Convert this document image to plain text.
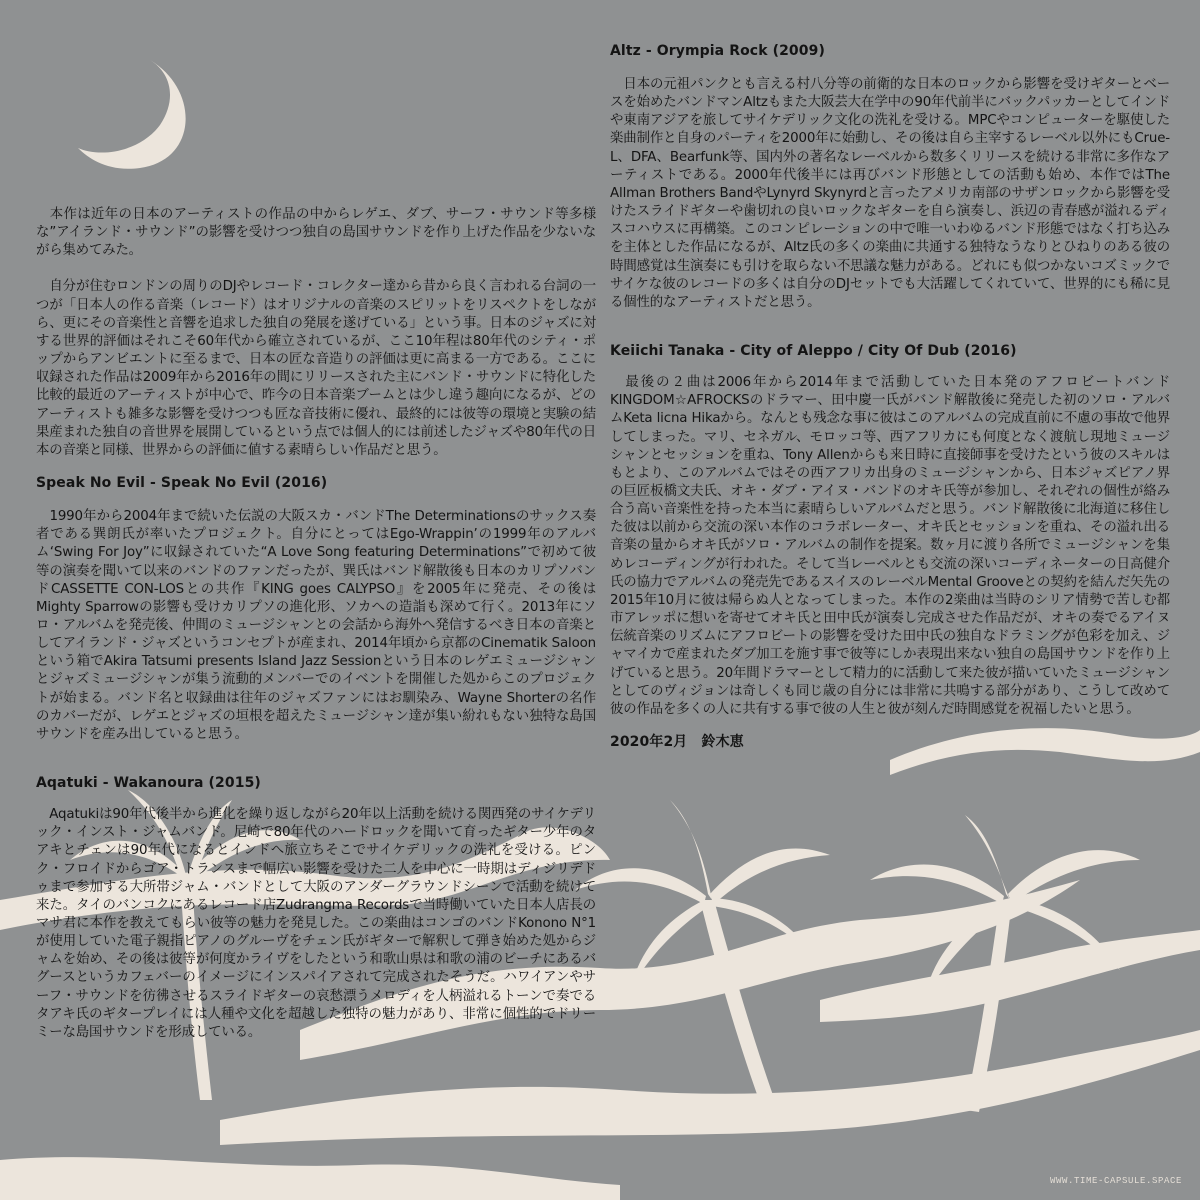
　本作は近年の日本のアーティストの作品の中からレゲエ、ダブ、サーフ・サウンド等多様な”アイランド・サウンド”の影響を受けつつ独自の島国サウンドを作り上げた作品を少ないながら集めてみた。

　自分が住むロンドンの周りのDJやレコード・コレクター達から昔から良く言われる台詞の一つが「日本人の作る音楽（レコード）はオリジナルの音楽のスピリットをリスペクトをしながら、更にその音楽性と音響を追求した独自の発展を遂げている」という事。日本のジャズに対する世界的評価はそれこそ60年代から確立されているが、ここ10年程は80年代のシティ・ポップからアンビエントに至るまで、日本の匠な音造りの評価は更に高まる一方である。ここに収録された作品は2009年から2016年の間にリリースされた主にバンド・サウンドに特化した比較的最近のアーティストが中心で、昨今の日本音楽ブームとは少し違う趣向になるが、どのアーティストも雑多な影響を受けつつも匠な音技術に優れ、最終的には彼等の環境と実験の結果産まれた独自の音世界を展開しているという点では個人的には前述したジャズや80年代の日本の音楽と同様、世界からの評価に値する素晴らしい作品だと思う。

Speak No Evil - Speak No Evil (2016)

　1990年から2004年まで続いた伝説の大阪スカ・バンドThe Determinationsのサックス奏者である巽朗氏が率いたプロジェクト。自分にとってはEgo-Wrappin’の1999年のアルバム‘Swing For Joy”に収録されていた“A Love Song featuring Determinations”で初めて彼等の演奏を聞いて以来のバンドのファンだったが、巽氏はバンド解散後も日本のカリプソバンドCASSETTE CON-LOSとの共作『KING goes CALYPSO』を2005年に発売、その後はMighty Sparrowの影響も受けカリプソの進化形、ソカへの造詣も深めて行く。2013年にソロ・アルバムを発売後、仲間のミュージシャンとの会話から海外へ発信するべき日本の音楽としてアイランド・ジャズというコンセプトが産まれ、2014年頃から京都のCinematik Saloonという箱でAkira Tatsumi presents Island Jazz Sessionという日本のレゲエミュージシャンとジャズミュージシャンが集う流動的メンバーでのイベントを開催した処からこのプロジェクトが始まる。バンド名と収録曲は往年のジャズファンにはお馴染み、Wayne Shorterの名作のカバーだが、レゲエとジャズの垣根を超えたミュージシャン達が集い紛れもない独特な島国サウンドを産み出していると思う。

Aqatuki - Wakanoura (2015)

　Aqatukiは90年代後半から進化を繰り返しながら20年以上活動を続ける関西発のサイケデリック・インスト・ジャムバンド。尼崎で80年代のハードロックを聞いて育ったギター少年のタアキとチェンは90年代になるとインドへ旅立ちそこでサイケデリックの洗礼を受ける。ピンク・フロイドからゴア・トランスまで幅広い影響を受けた二人を中心に一時期はディジリデドゥまで参加する大所帯ジャム・バンドとして大阪のアンダーグラウンドシーンで活動を続けて来た。タイのバンコクにあるレコード店Zudrangma Recordsで当時働いていた日本人店長のマサ君に本作を教えてもらい彼等の魅力を発見した。この楽曲はコンゴのバンドKonono N°1が使用していた電子親指ピアノのグルーヴをチェン氏がギターで解釈して弾き始めた処からジャムを始め、その後は彼等が何度かライヴをしたという和歌山県は和歌の浦のビーチにあるバグースというカフェバーのイメージにインスパイアされて完成されたそうだ。ハワイアンやサーフ・サウンドを彷彿させるスライドギターの哀愁漂うメロディを人柄溢れるトーンで奏でるタアキ氏のギタープレイには人種や文化を超越した独特の魅力があり、非常に個性的でドリーミーな島国サウンドを形成している。

Altz - Orympia Rock (2009)

　日本の元祖パンクとも言える村八分等の前衛的な日本のロックから影響を受けギターとベースを始めたバンドマンAltzもまた大阪芸大在学中の90年代前半にバックパッカーとしてインドや東南アジアを旅してサイケデリック文化の洗礼を受ける。MPCやコンピューターを駆使した楽曲制作と自身のパーティを2000年に始動し、その後は自ら主宰するレーベル以外にもCrue-L、DFA、Bearfunk等、国内外の著名なレーベルから数多くリリースを続ける非常に多作なアーティストである。2000年代後半には再びバンド形態としての活動も始め、本作ではThe Allman Brothers BandやLynyrd Skynyrdと言ったアメリカ南部のサザンロックから影響を受けたスライドギターや歯切れの良いロックなギターを自ら演奏し、浜辺の青春感が溢れるディスコハウスに再構築。このコンピレーションの中で唯一いわゆるバンド形態ではなく打ち込みを主体とした作品になるが、Altz氏の多くの楽曲に共通する独特なうなりとひねりのある彼の時間感覚は生演奏にも引けを取らない不思議な魅力がある。どれにも似つかないコズミックでサイケな彼のレコードの多くは自分のDJセットでも大活躍してくれていて、世界的にも稀に見る個性的なアーティストだと思う。

Keiichi Tanaka - City of Aleppo / City Of Dub (2016)

　最後の２曲は2006年から2014年まで活動していた日本発のアフロビートバンドKINGDOM☆AFROCKSのドラマー、田中慶一氏がバンド解散後に発売した初のソロ・アルバムKeta licna Hikaから。なんとも残念な事に彼はこのアルバムの完成直前に不慮の事故で他界してしまった。マリ、セネガル、モロッコ等、西アフリカにも何度となく渡航し現地ミュージシャンとセッションを重ね、Tony Allenからも来日時に直接師事を受けたという彼のスキルはもとより、このアルバムではその西アフリカ出身のミュージシャンから、日本ジャズピアノ界の巨匠板橋文夫氏、オキ・ダブ・アイヌ・バンドのオキ氏等が参加し、それぞれの個性が絡み合う高い音楽性を持った本当に素晴らしいアルバムだと思う。バンド解散後に北海道に移住した彼は以前から交流の深い本作のコラボレーター、オキ氏とセッションを重ね、その溢れ出る音楽の量からオキ氏がソロ・アルバムの制作を提案。数ヶ月に渡り各所でミュージシャンを集めレコーディングが行われた。そして当レーベルとも交流の深いコーディネーターの日高健介氏の協力でアルバムの発売先であるスイスのレーベルMental Grooveとの契約を結んだ矢先の2015年10月に彼は帰らぬ人となってしまった。本作の2楽曲は当時のシリア情勢で苦しむ都市アレッポに想いを寄せてオキ氏と田中氏が演奏し完成させた作品だが、オキの奏でるアイヌ伝統音楽のリズムにアフロビートの影響を受けた田中氏の独自なドラミングが色彩を加え、ジャマイカで産まれたダブ加工を施す事で彼等にしか表現出来ない独自の島国サウンドを作り上げていると思う。20年間ドラマーとして精力的に活動して来た彼が描いていたミュージシャンとしてのヴィジョンは奇しくも同じ歳の自分には非常に共鳴する部分があり、こうして改めて彼の作品を多くの人に共有する事で彼の人生と彼が刻んだ時間感覚を祝福したいと思う。

2020年2月　鈴木恵

WWW.TIME-CAPSULE.SPACE
